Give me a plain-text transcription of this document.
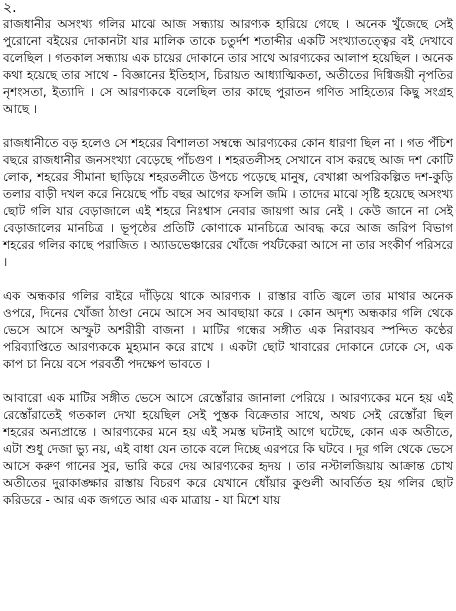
২.

রাজধানীর অসংখ্য গলির মাঝে আজ সন্ধ্যায় আরণ্যক হারিয়ে গেছে । অনেক খুঁজেছে সেই পুরোনো বইয়ের দোকানটা যার মালিক তাকে চতুর্দশ শতাব্দীর একটি সংখ্যাতত্ত্বের বই দেখাবে বলেছিল । গতকাল সন্ধ্যায় এক চায়ের দোকানে তার সাথে আরণ্যকের আলাপ হয়েছিল । অনেক কথা হয়েছে তার সাথে - বিজ্ঞানের ইতিহাস, চিরায়ত আধ্যাত্মিকতা, অতীতের দিগ্বিজয়ী নৃপতির নৃশংসতা, ইত্যাদি । সে আরণ্যককে বলেছিল তার কাছে পুরাতন গণিত সাহিত্যের কিছু সংগ্রহ আছে ।

রাজধানীতে বড় হলেও সে শহরের বিশালতা সম্বন্ধে আরণ্যকের কোন ধারণা ছিল না । গত পঁচিশ বছরে রাজধানীর জনসংখ্যা বেড়েছে পাঁচগুণ । শহরতলীসহ সেখানে বাস করছে আজ দশ কোটি লোক, শহরের সীমানা ছাড়িয়ে শহরতলীতে উপচে পড়েছে মানুষ, বেখাপ্পা অপরিকল্পিত দশ-কুড়ি তলার বাড়ী দখল করে নিয়েছে পাঁচ বছর আগের ফসলি জমি । তাদের মাঝে সৃষ্টি হয়েছে অসংখ্য ছোট গলি যার বেড়াজালে এই শহরে নিঃশ্বাস নেবার জায়গা আর নেই । কেউ জানে না সেই বেড়াজালের মানচিত্র । ভূপৃষ্ঠের প্রতিটি কোণাকে মানচিত্রে আবদ্ধ করে আজ জরিপ বিভাগ শহরের গলির কাছে পরাজিত । অ্যাডভেঞ্চারের খোঁজে পর্যটকেরা আসে না তার সংকীর্ণ পরিসরে ।

এক অন্ধকার গলির বাইরে দাঁড়িয়ে থাকে আরণ্যক । রাস্তার বাতি জ্বলে তার মাথার অনেক ওপরে, দিনের খোঁজা ঠাণ্ডা নেমে আসে সব আবছায়া করে । কোন অদৃশ্য অন্ধকার গলি থেকে ভেসে আসে অস্ফুট অশরীরী বাজনা । মাটির গন্ধের সঙ্গীত এক নিরাবয়ব স্পন্দিত কণ্ঠের পরিব্যাপ্তিতে আরণ্যককে মুহ্যমান করে রাখে । একটা ছোট খাবারের দোকানে ঢোকে সে, এক কাপ চা নিয়ে বসে পরবর্তী পদক্ষেপ ভাবতে ।

আবারো এক মাটির সঙ্গীত ভেসে আসে রেস্তোঁরার জানালা পেরিয়ে । আরণ্যকের মনে হয় এই রেস্তোঁরাতেই গতকাল দেখা হয়েছিল সেই পুস্তক বিক্রেতার সাথে, অথচ সেই রেস্তোঁরা ছিল শহরের অন্যপ্রান্তে । আরণ্যকের মনে হয় এই সমস্ত ঘটনাই আগে ঘটেছে, কোন এক অতীতে, এটা শুধু দেজা ভ্যু নয়, এই বাধা যেন তাকে বলে দিচ্ছে এরপরে কি ঘটবে । দূর গলি থেকে ভেসে আসে করুণ গানের সুর, ভারি করে দেয় আরণ্যকের হৃদয় । তার নস্টালজিয়ায় আক্রান্ত চোখ অতীতের দুরাকাঙ্ক্ষার রাস্তায় বিচরণ করে যেখানে ধোঁয়ার কুণ্ডলী আবর্তিত হয় গলির ছোট করিডরে - আর এক জগতে আর এক মাত্রায় - যা মিশে যায়
